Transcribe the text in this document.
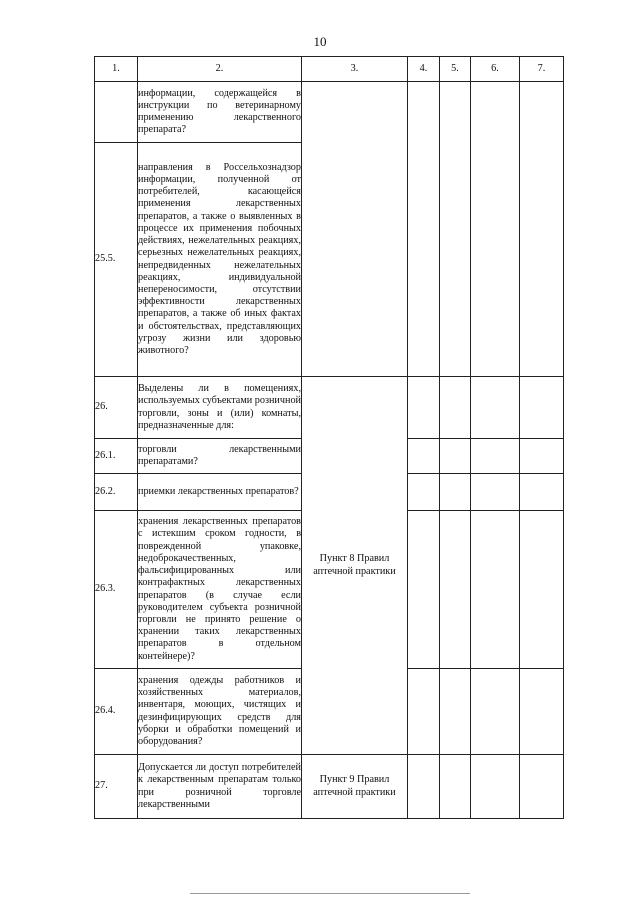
10
1.	2.	3.	4.	5.	6.	7.
	информации, содержащейся в инструкции по ветеринарному применению лекарственного препарата?					
25.5.	направления в Россельхознадзор информации, полученной от потребителей, касающейся применения лекарственных препаратов, а также о выявленных в процессе их применения побочных действиях, нежелательных реакциях, серьезных нежелательных реакциях, непредвиденных нежелательных реакциях, индивидуальной непереносимости, отсутствии эффективности лекарственных препаратов, а также об иных фактах и обстоятельствах, представляющих угрозу жизни или здоровью животного?					
26.	Выделены ли в помещениях, используемых субъектами розничной торговли, зоны и (или) комнаты, предназначенные для:	Пункт 8 Правил аптечной практики				
26.1.	торговли лекарственными препаратами?					
26.2.	приемки лекарственных препаратов?					
26.3.	хранения лекарственных препаратов с истекшим сроком годности, в поврежденной упаковке, недоброкачественных, фальсифицированных или контрафактных лекарственных препаратов (в случае если руководителем субъекта розничной торговли не принято решение о хранении таких лекарственных препаратов в отдельном контейнере)?					
26.4.	хранения одежды работников и хозяйственных материалов, инвентаря, моющих, чистящих и дезинфицирующих средств для уборки и обработки помещений и оборудования?					
27.	Допускается ли доступ потребителей к лекарственным препаратам только при розничной торговле лекарственными	Пункт 9 Правил аптечной практики				
